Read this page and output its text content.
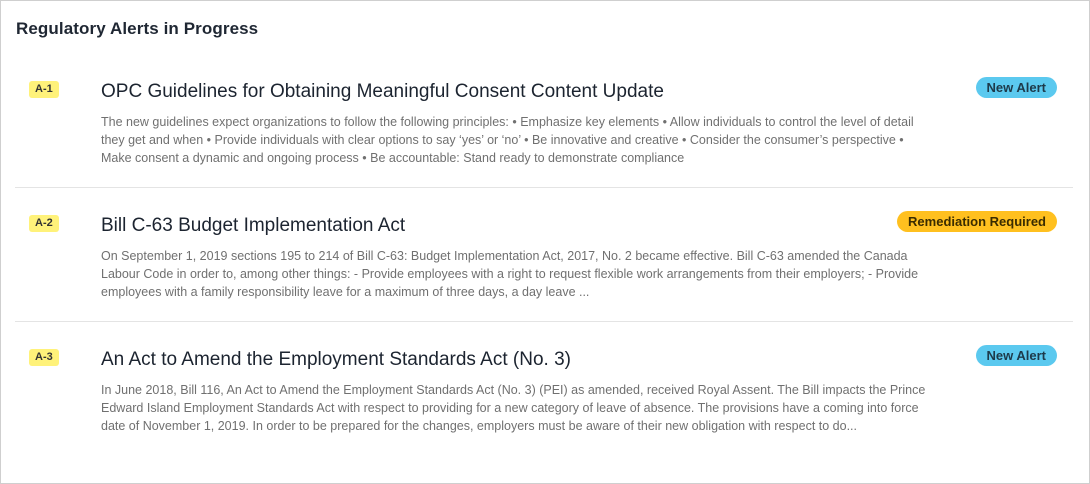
Regulatory Alerts in Progress
A-1	OPC Guidelines for Obtaining Meaningful Consent Content Update

The new guidelines expect organizations to follow the following principles: • Emphasize key elements • Allow individuals to control the level of detail they get and when • Provide individuals with clear options to say ‘yes’ or ‘no’ • Be innovative and creative • Consider the consumer’s perspective • Make consent a dynamic and ongoing process • Be accountable: Stand ready to demonstrate compliance

New Alert
A-2	Bill C-63 Budget Implementation Act

On September 1, 2019 sections 195 to 214 of Bill C-63: Budget Implementation Act, 2017, No. 2 became effective. Bill C-63 amended the Canada Labour Code in order to, among other things: - Provide employees with a right to request flexible work arrangements from their employers; - Provide employees with a family responsibility leave for a maximum of three days, a day leave ...

Remediation Required
A-3	An Act to Amend the Employment Standards Act (No. 3)

In June 2018, Bill 116, An Act to Amend the Employment Standards Act (No. 3) (PEI) as amended, received Royal Assent. The Bill impacts the Prince Edward Island Employment Standards Act with respect to providing for a new category of leave of absence. The provisions have a coming into force date of November 1, 2019. In order to be prepared for the changes, employers must be aware of their new obligation with respect to do...

New Alert
